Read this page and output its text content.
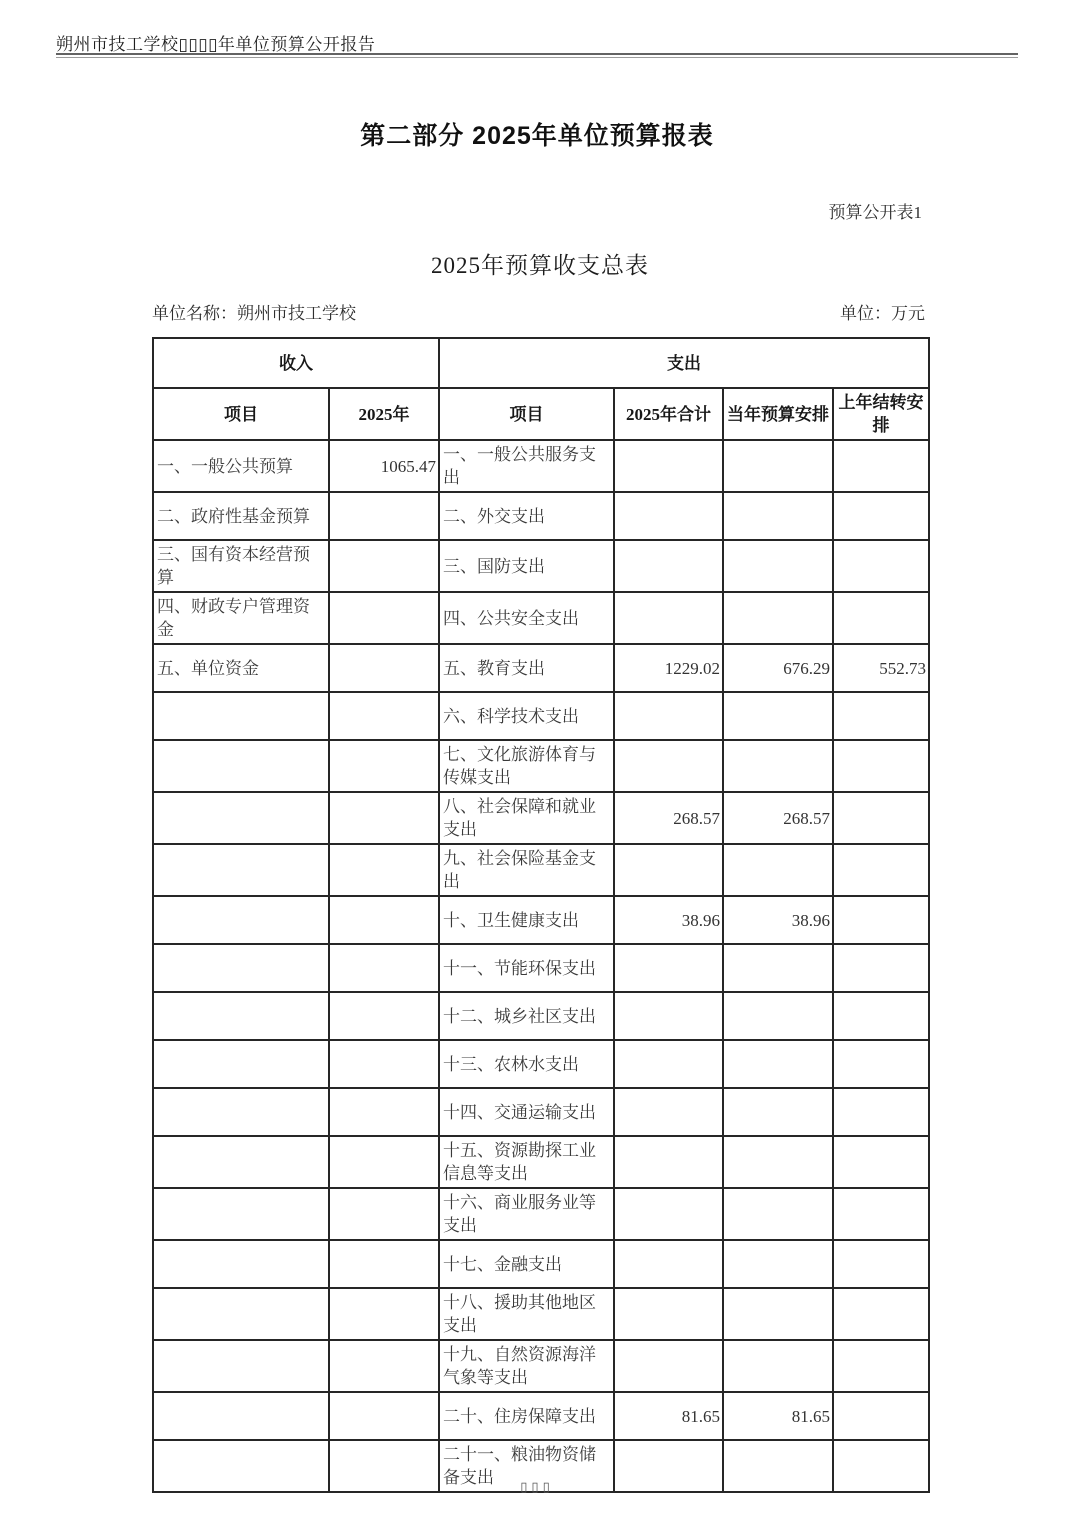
朔州市技工学校▯▯▯▯年单位预算公开报告
第二部分 2025年单位预算报表
预算公开表1
2025年预算收支总表
单位名称：朔州市技工学校	单位：万元
收入		支出			
项目	2025年	项目	2025年合计	当年预算安排	上年结转安排
一、一般公共预算	1065.47	一、一般公共服务支出			
二、政府性基金预算		二、外交支出			
三、国有资本经营预算		三、国防支出			
四、财政专户管理资金		四、公共安全支出			
五、单位资金		五、教育支出	1229.02	676.29	552.73
		六、科学技术支出			
		七、文化旅游体育与传媒支出			
		八、社会保障和就业支出	268.57	268.57	
		九、社会保险基金支出			
		十、卫生健康支出	38.96	38.96	
		十一、节能环保支出			
		十二、城乡社区支出			
		十三、农林水支出			
		十四、交通运输支出			
		十五、资源勘探工业信息等支出			
		十六、商业服务业等支出			
		十七、金融支出			
		十八、援助其他地区支出			
		十九、自然资源海洋气象等支出			
		二十、住房保障支出	81.65	81.65	
		二十一、粮油物资储备支出			
▯▯▯
